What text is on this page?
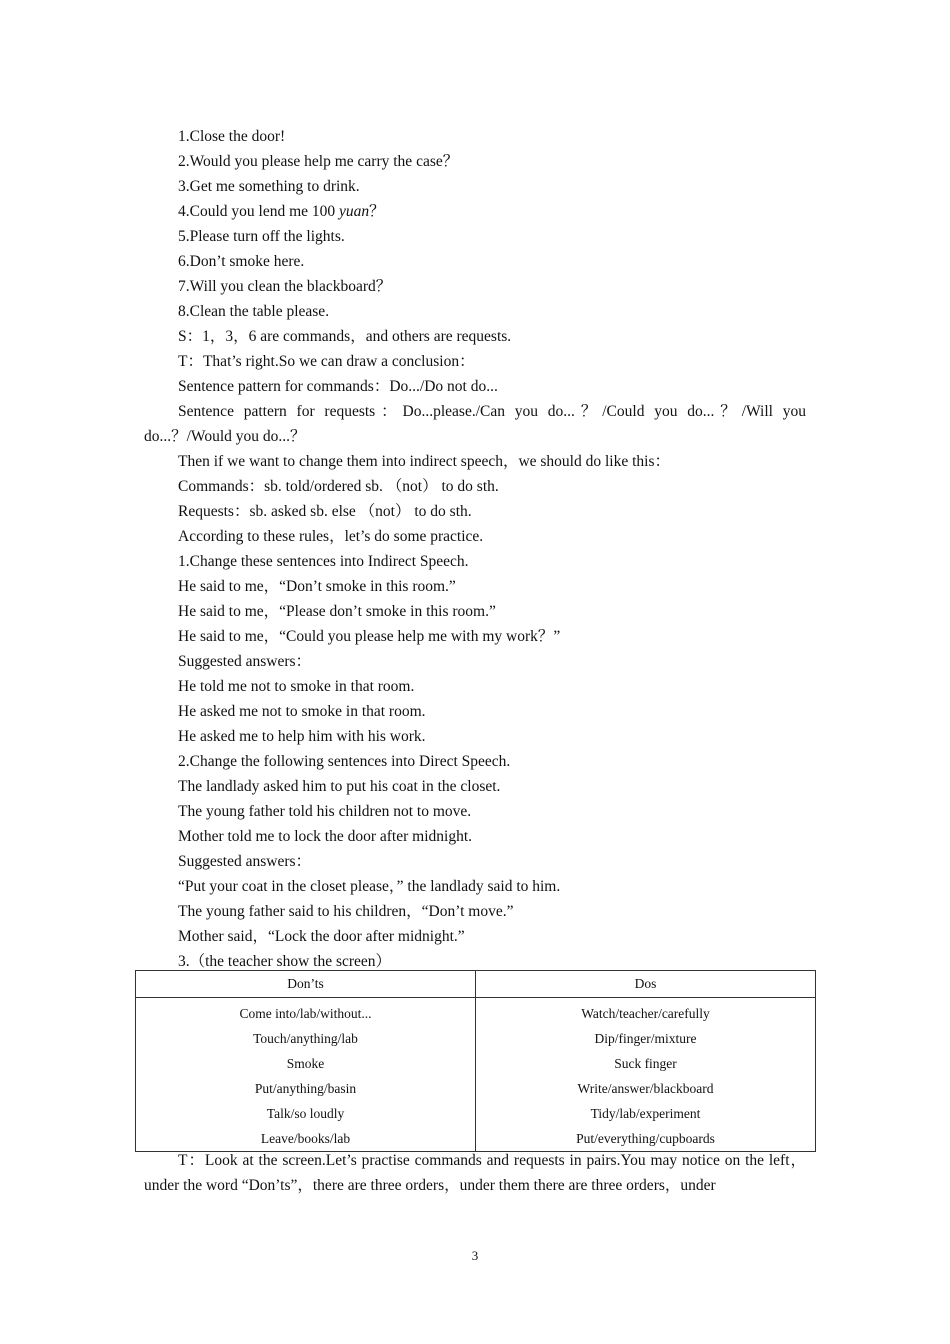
1.Close the door!
2.Would you please help me carry the case？
3.Get me something to drink.
4.Could you lend me 100 yuan？
5.Please turn off the lights.
6.Don’t smoke here.
7.Will you clean the blackboard？
8.Clean the table please.
S：1，3，6 are commands，and others are requests.
T：That’s right.So we can draw a conclusion：
Sentence pattern for commands：Do.../Do not do...
Sentence pattern for requests：Do...please./Can you do...？/Could you do...？/Will you do...？/Would you do...？
Then if we want to change them into indirect speech，we should do like this：
Commands：sb. told/ordered sb. （not） to do sth.
Requests：sb. asked sb. else （not） to do sth.
According to these rules，let’s do some practice.
1.Change these sentences into Indirect Speech.
He said to me，“Don’t smoke in this room.”
He said to me，“Please don’t smoke in this room.”
He said to me，“Could you please help me with my work？”
Suggested answers：
He told me not to smoke in that room.
He asked me not to smoke in that room.
He asked me to help him with his work.
2.Change the following sentences into Direct Speech.
The landlady asked him to put his coat in the closet.
The young father told his children not to move.
Mother told me to lock the door after midnight.
Suggested answers：
“Put your coat in the closet please，” the landlady said to him.
The young father said to his children，“Don’t move.”
Mother said，“Lock the door after midnight.”
3.（the teacher show the screen）
Don’ts	Dos
Come into/lab/without...	Watch/teacher/carefully
Touch/anything/lab	Dip/finger/mixture
Smoke	Suck finger
Put/anything/basin	Write/answer/blackboard
Talk/so loudly	Tidy/lab/experiment
Leave/books/lab	Put/everything/cupboards
T：Look at the screen.Let’s practise commands and requests in pairs.You may notice on the left，under the word “Don’ts”，there are three orders，under them there are three orders，under
3
